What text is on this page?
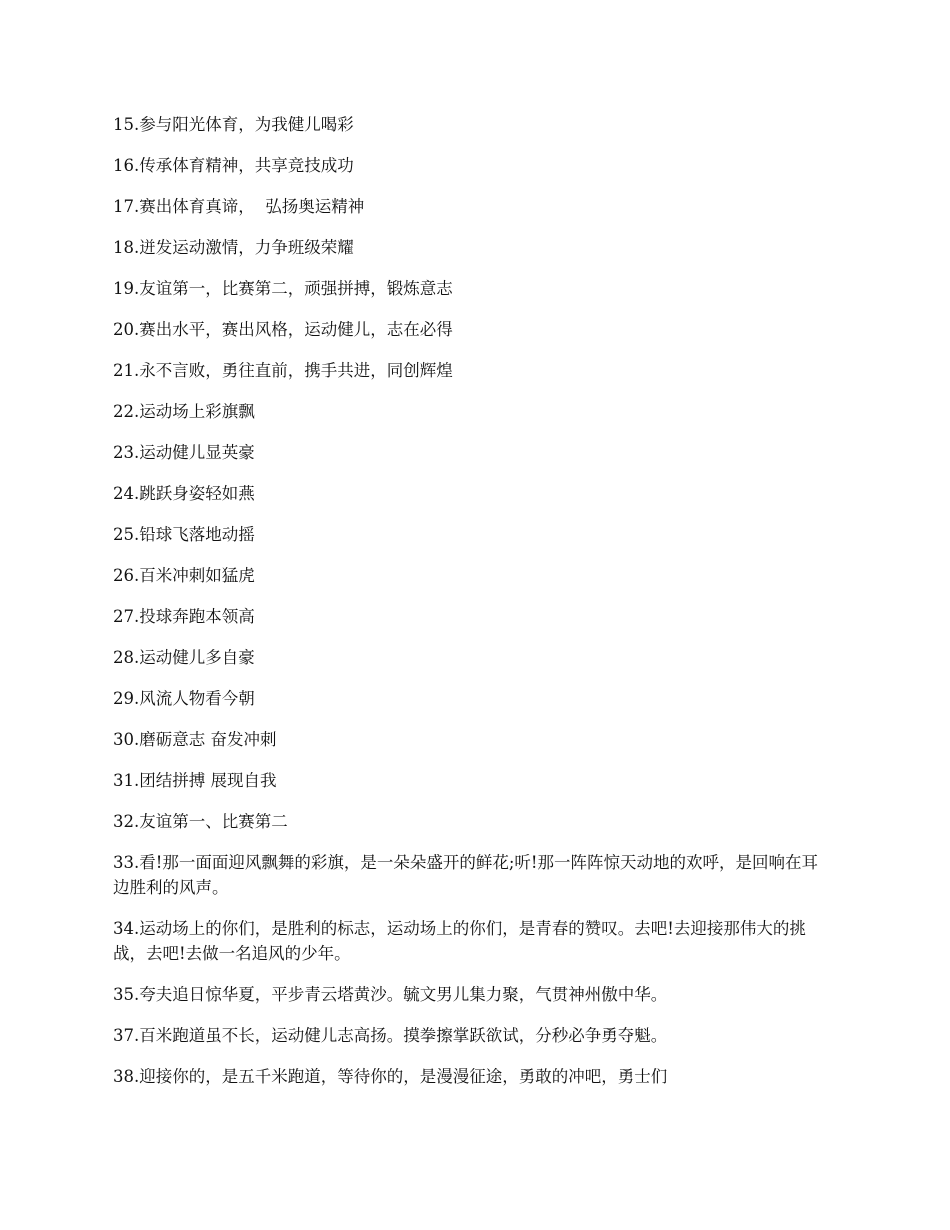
15.参与阳光体育，为我健儿喝彩

16.传承体育精神，共享竞技成功

17.赛出体育真谛，  弘扬奥运精神

18.迸发运动激情，力争班级荣耀

19.友谊第一，比赛第二，顽强拼搏，锻炼意志

20.赛出水平，赛出风格，运动健儿，志在必得

21.永不言败，勇往直前，携手共进，同创辉煌

22.运动场上彩旗飘

23.运动健儿显英豪

24.跳跃身姿轻如燕

25.铅球飞落地动摇

26.百米冲刺如猛虎

27.投球奔跑本领高

28.运动健儿多自豪

29.风流人物看今朝

30.磨砺意志 奋发冲刺

31.团结拼搏 展现自我

32.友谊第一、比赛第二

33.看!那一面面迎风飘舞的彩旗，是一朵朵盛开的鲜花;听!那一阵阵惊天动地的欢呼，是回响在耳边胜利的风声。

34.运动场上的你们，是胜利的标志，运动场上的你们，是青春的赞叹。去吧!去迎接那伟大的挑战，去吧!去做一名追风的少年。

35.夸夫追日惊华夏，平步青云塔黄沙。毓文男儿集力聚，气贯神州傲中华。

37.百米跑道虽不长，运动健儿志高扬。摸拳擦掌跃欲试，分秒必争勇夺魁。

38.迎接你的，是五千米跑道，等待你的，是漫漫征途，勇敢的冲吧，勇士们
